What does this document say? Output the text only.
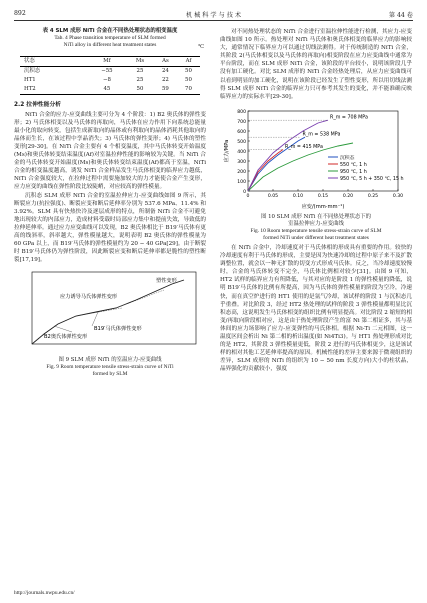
892	机 械 科 学 与 技 术	第 44 卷
表 4 SLM 成形 NiTi 合金在不同热处理状态的相变温度
Tab. 4 Phase transition temperature of SLM formed
NiTi alloy in different heat treatment states	℃
状态	Mf	Ms	As	Af
沉积态	−55	25	24	50
HT1	−8	25	22	50
HT2	45	50	59	70
2.2 拉伸性能分析

NiTi 合金的应力-应变曲线主要可分为 4 个阶段：1) B2 奥氏体的弹性变形；2) 马氏体相变以及马氏体的再取向，马氏体在应力作用下向系统总能量最小化的取向转变，包括生成新取向的晶体或有利取向的晶体消耗其他取向的晶体而生长，在该过程中孪晶消失；3) 马氏体的弹性变形；4) 马氏体的塑性变形[29-30]。在 NiTi 合金主要有 4 个相变温度，其中马氏体转变开始温度(Ms)和奥氏体转变结束温度(Af)对室温拉伸性能的影响较为关键。当 NiTi 合金的马氏体转变开始温度(Ms)和奥氏体转变结束温度(Af)都高于室温，NiTi 合金的相变温度越高，诱发 NiTi 合金样品发生马氏体相变的临界应力越低，NiTi 合金强度较大，在拉伸过程中需要施加较大的力才能使合金产生变形，应力应变的曲线在弹性阶段比较陡峭，对应较高的弹性模量。

沉积态 SLM 成形 NiTi 合金的室温拉伸应力-应变曲线如图 9 所示，其断裂应力(抗拉强度)、断裂应变和断后延伸率分别为 537.6 MPa、11.4% 和 3.92%。SLM 具有快热快冷及逐层成形的特点，所制备 NiTi 合金不可避免地出现较大的内部应力，造成材料受载时局部应力集中和提前失效，导致低的拉伸延伸率。通过应力应变曲线可以发现，B2 奥氏体相比于 B19′马氏体有更高的线斜率，斜率越大，弹性模量越大，说明表明 B2 奥氏体的弹性模量为 60 GPa 以上，而 B19′马氏体的弹性模量约为 20 − 40 GPa[29]。由于断裂时 B19′马氏体仍为弹性阶段，因此断裂应变和断后延伸率都是脆性的塑性断裂[17,19]。

塑性变形
应力诱导马氏体弹性变形
B19′马氏体弹性变形
B2奥氏体弹性变形
图 9 SLM 成形 NiTi 的室温应力-应变曲线
Fig. 9 Room temperature tensile stress-strain curve of NiTi
formed by SLM

对不同热处理状态的 NiTi 合金进行室温拉伸性能进行检测，其应力-应变曲线如图 10 所示。热处理对 NiTi 马氏体和奥氏体相变的临界应力的影响较大，通常情况下临界应力可以通过切线法测得。对于传统制造的 NiTi 合金，其阶段 2(马氏体相变以及马氏体的再取向)相变阶段在应力应变曲线中通常为平台阶段，而在 SLM 成形 NiTi 合金，该阶段的平台较小，说明该阶段几乎没有加工硬化。对比 SLM 成形的 NiTi 合金经热处理后，从应力应变曲线可以看到明显的加工硬化，说明在该阶段已经发生了塑性变形，所以用切线法测得 SLM 成形 NiTi 合金的临界应力只可参考其发生的变化，并不能准确反映临界应力的实际水平[29-30]。

0
100
200
300
400
500
600
700
800
0	0.05	0.10	0.15	0.20	0.25	0.30
R_m = 708 MPa
R_m = 538 MPa
R_m = 415 MPa
沉积态
550 ℃, 1 h
950 ℃, 1 h
950 ℃, 5 h + 350 ℃, 15 h
应力/MPa
应变/(mm·mm⁻¹)
图 10 SLM 成形 NiTi 在不同热处理状态下的
室温拉伸应力-应变曲线
Fig. 10 Room temperature tensile stress-strain curve of SLM
formed NiTi under different heat treatment states

在 NiTi 合金中，冷却速度对于马氏体相的形成具有重要的作用。较快的冷却速度有利于马氏体的形成，主要是因为快速冷却的过程中原子来不及扩散调整位置，就会以一种无扩散的切变方式形成马氏体。反之，当冷却速度较慢时，合金的马氏体转变不完全，马氏体比例相对较少[31]。由图 9 可知，HT2 试样的临界应力有所降低，与其对应的是阶段 1 的弹性模量的降低，说明 B19′马氏体的比例有所提高，因为马氏体的弹性模量的阶段为空冷，冷速快，而在真空炉进行的 HT1 使用的是氩气冷却，该试样的阶段 1 与沉积态几乎重叠。对比阶段 3，经过 HT2 热处理的试样的阶段 3 弹性模量都明显比沉积态高，这说明发生马氏体相变的组织比例有明显提高。对比阶段 2 缩短的相变/再取向阶段相对应，这是由于热处理阶段产生的富 Ni 第二相证多，其与基体间的应力场影响了应力-应变弹性的马氏体相。根据 Ni-Ti 二元相图，这一温度区间会析出 Ni 第二相的析出温度(如 Ni4Ti3)。与 HT1 热处理形成对比的是 HT2，其阶段 3 弹性模量更低，阶段 2 进行的马氏体相更少，这是该试样的相对其他工艺延伸率提高的原因。机械性能的差异主要来源于微观组织的差异，SLM 成形的 NiTi 的组织为 10 − 50 nm 长度方向)大小的柱状晶，晶界强化的贡献较小，强度

http://journals.nwpu.edu.cn/
